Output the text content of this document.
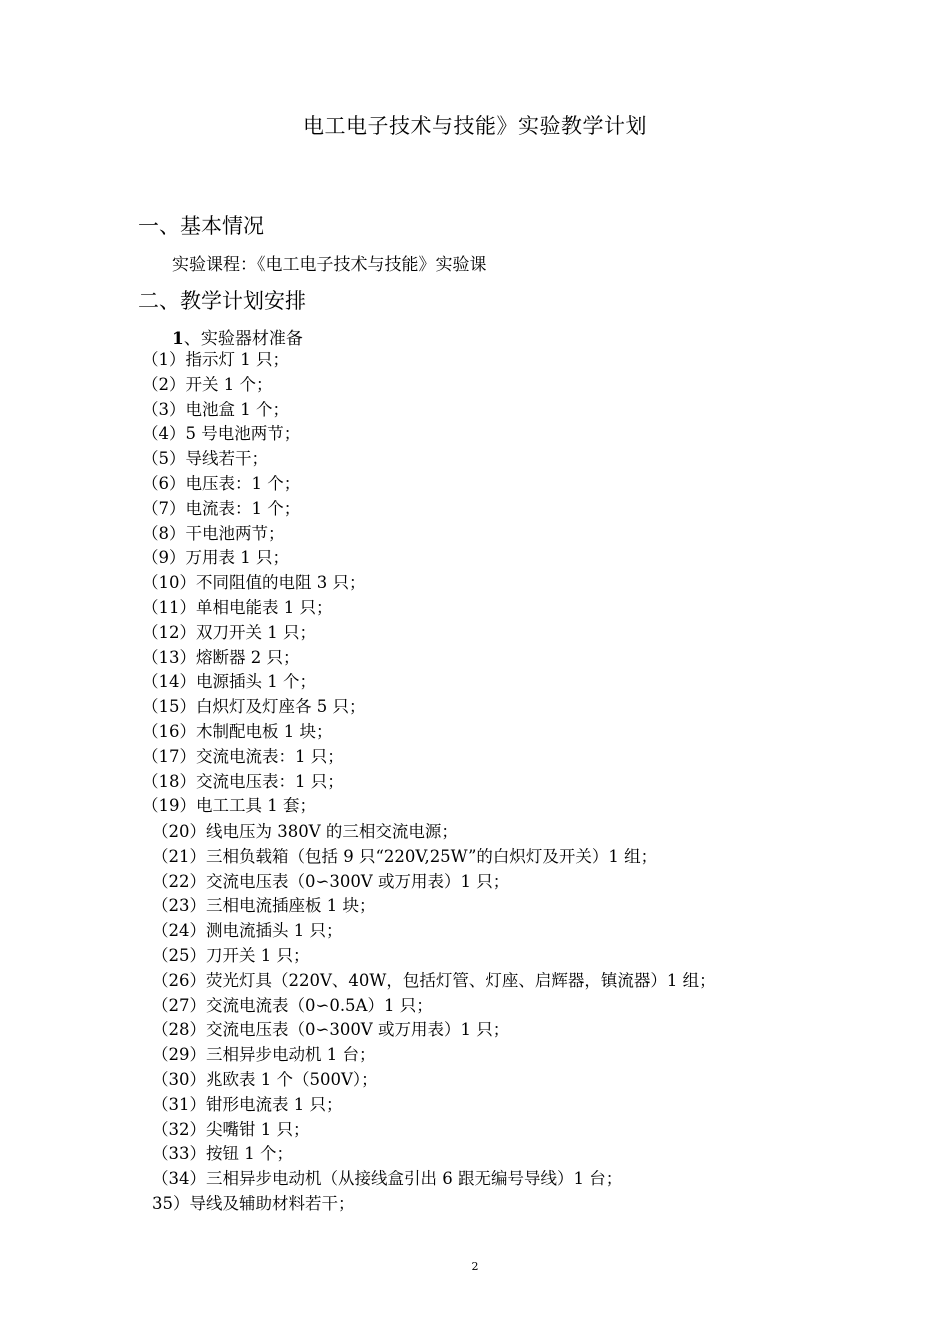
电工电子技术与技能》实验教学计划
一、基本情况
实验课程：《电工电子技术与技能》实验课
二、教学计划安排
1、实验器材准备
（1）指示灯 1 只；
（2）开关 1 个；
（3）电池盒 1 个；
（4）5 号电池两节；
（5）导线若干；
（6）电压表：1 个；
（7）电流表：1 个；
（8）干电池两节；
（9）万用表 1 只；
（10）不同阻值的电阻 3 只；
（11）单相电能表 1 只；
（12）双刀开关 1 只；
（13）熔断器 2 只；
（14）电源插头 1 个；
（15）白炽灯及灯座各 5 只；
（16）木制配电板 1 块；
（17）交流电流表：1 只；
（18）交流电压表：1 只；
（19）电工工具 1 套；
（20）线电压为 380V 的三相交流电源；
（21）三相负载箱（包括 9 只“220V,25W”的白炽灯及开关）1 组；
（22）交流电压表（0∽300V 或万用表）1 只；
（23）三相电流插座板 1 块；
（24）测电流插头 1 只；
（25）刀开关 1 只；
（26）荧光灯具（220V、40W，包括灯管、灯座、启辉器，镇流器）1 组；
（27）交流电流表（0∽0.5A）1 只；
（28）交流电压表（0∽300V 或万用表）1 只；
（29）三相异步电动机 1 台；
（30）兆欧表 1 个（500V）；
（31）钳形电流表 1 只；
（32）尖嘴钳 1 只；
（33）按钮 1 个；
（34）三相异步电动机（从接线盒引出 6 跟无编号导线）1 台；
35）导线及辅助材料若干；
2
